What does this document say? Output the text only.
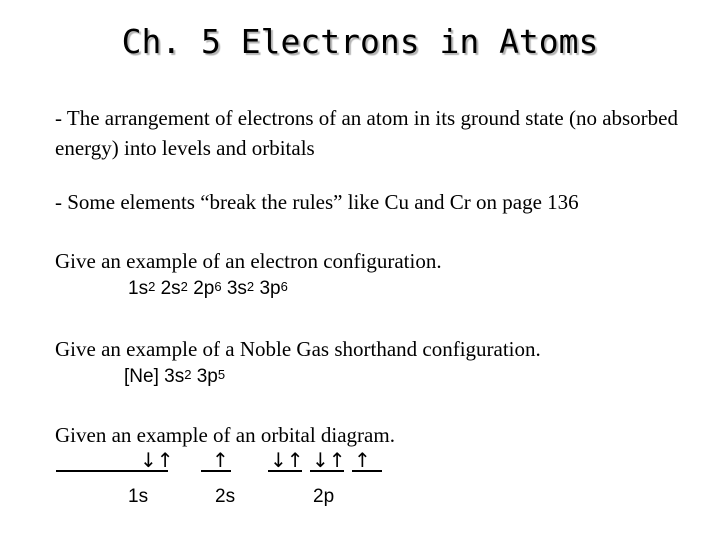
Ch. 5 Electrons in Atoms
- The arrangement of electrons of an atom in its ground state (no absorbed energy) into levels and orbitals
- Some elements “break the rules” like Cu and Cr on page 136
Give an example of an electron configuration.
$1s^2$ $2s^2$ $2p^6$ $3s^2$ $3p^6$
Give an example of a Noble Gas shorthand configuration.
[Ne] $3s^2$ $3p^5$
Given an example of an orbital diagram.
↓↑ ↑ ↓↑ ↓↑ ↑
1s	2s	2p
